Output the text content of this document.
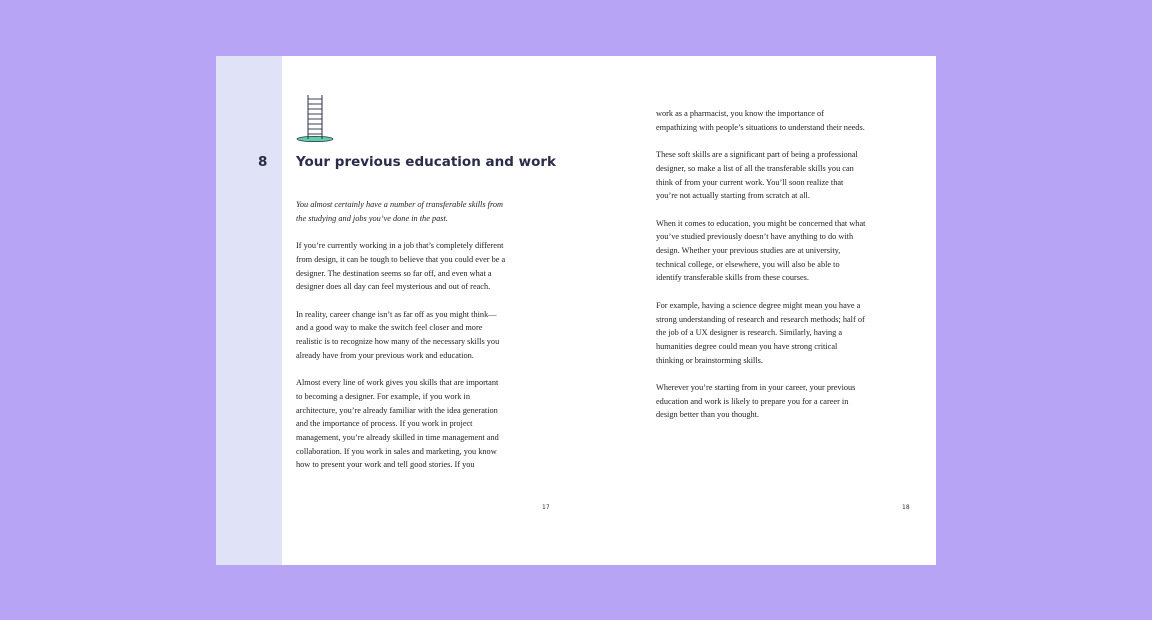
8 Your previous education and work

You almost certainly have a number of transferable skills from the studying and jobs you’ve done in the past.

If you’re currently working in a job that’s completely different from design, it can be tough to believe that you could ever be a designer. The destination seems so far off, and even what a designer does all day can feel mysterious and out of reach.

In reality, career change isn’t as far off as you might think—and a good way to make the switch feel closer and more realistic is to recognize how many of the necessary skills you already have from your previous work and education.

Almost every line of work gives you skills that are important to becoming a designer. For example, if you work in architecture, you’re already familiar with the idea generation and the importance of process. If you work in project management, you’re already skilled in time management and collaboration. If you work in sales and marketing, you know how to present your work and tell good stories. If you

work as a pharmacist, you know the importance of empathizing with people’s situations to understand their needs.

These soft skills are a significant part of being a professional designer, so make a list of all the transferable skills you can think of from your current work. You’ll soon realize that you’re not actually starting from scratch at all.

When it comes to education, you might be concerned that what you’ve studied previously doesn’t have anything to do with design. Whether your previous studies are at university, technical college, or elsewhere, you will also be able to identify transferable skills from these courses.

For example, having a science degree might mean you have a strong understanding of research and research methods; half of the job of a UX designer is research. Similarly, having a humanities degree could mean you have strong critical thinking or brainstorming skills.

Wherever you’re starting from in your career, your previous education and work is likely to prepare you for a career in design better than you thought.

17	18
